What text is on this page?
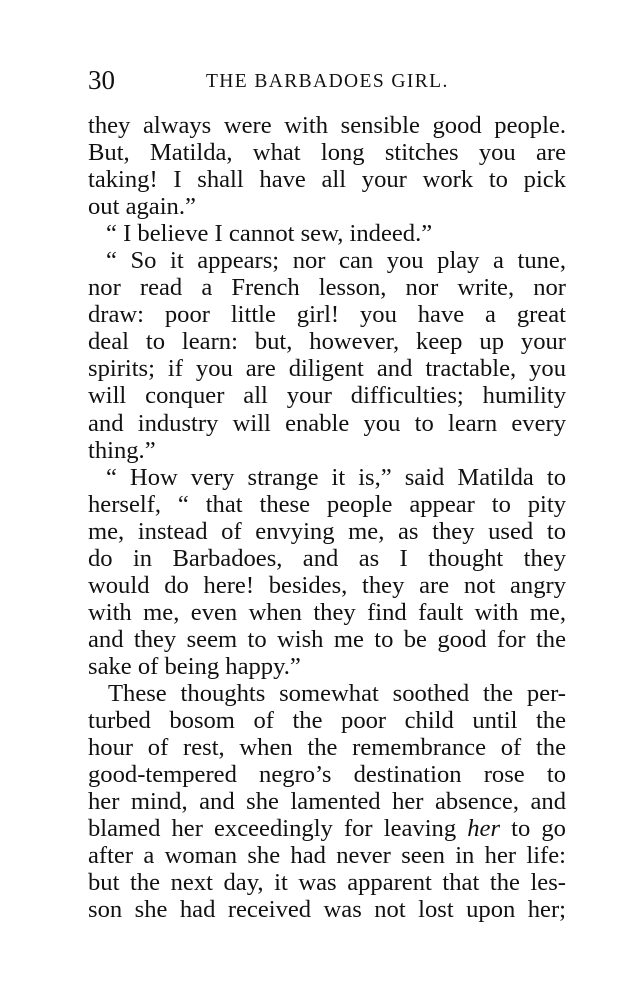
30	THE BARBADOES GIRL.
they always were with sensible good people.
But, Matilda, what long stitches you are
taking! I shall have all your work to pick
out again.”
“ I believe I cannot sew, indeed.”
“ So it appears; nor can you play a tune,
nor read a French lesson, nor write, nor
draw: poor little girl! you have a great
deal to learn: but, however, keep up your
spirits; if you are diligent and tractable, you
will conquer all your difficulties; humility
and industry will enable you to learn every
thing.”
“ How very strange it is,” said Matilda to
herself, “ that these people appear to pity
me, instead of envying me, as they used to
do in Barbadoes, and as I thought they
would do here! besides, they are not angry
with me, even when they find fault with me,
and they seem to wish me to be good for the
sake of being happy.”
These thoughts somewhat soothed the per-
turbed bosom of the poor child until the
hour of rest, when the remembrance of the
good-tempered negro’s destination rose to
her mind, and she lamented her absence, and
blamed her exceedingly for leaving her to go
after a woman she had never seen in her life:
but the next day, it was apparent that the les-
son she had received was not lost upon her;
